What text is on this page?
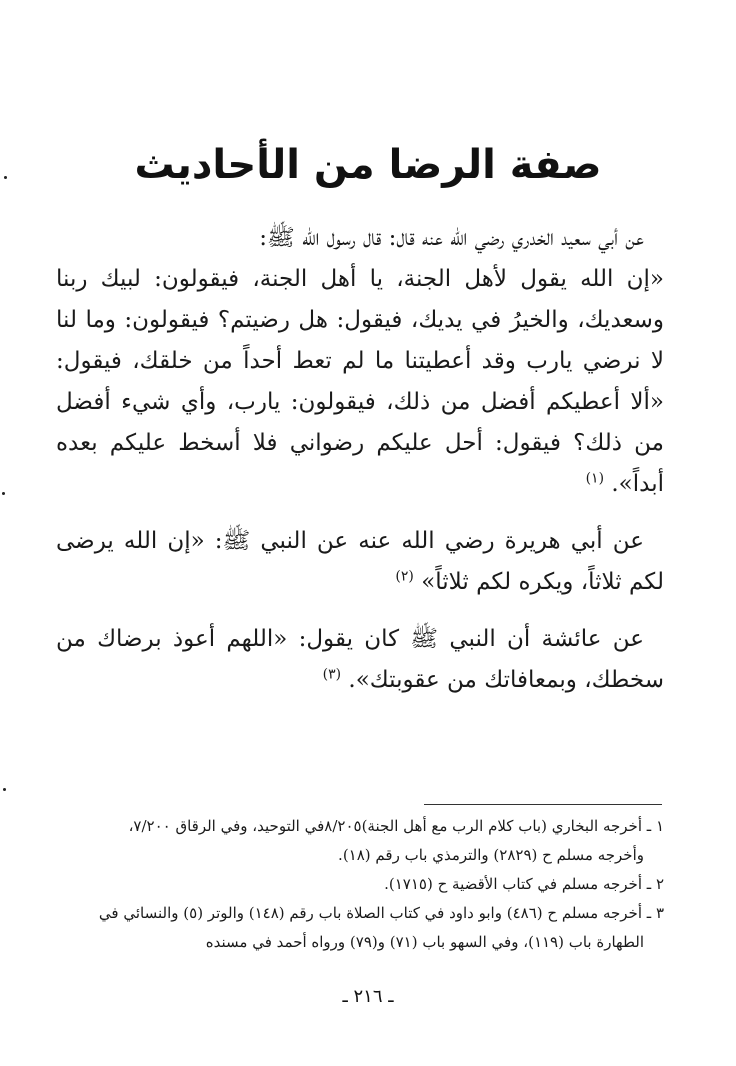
صفة الرضا من الأحاديث

عن أبي سعيد الخدري رضي الله عنه قال: قال رسول الله ﷺ:

«إن الله يقول لأهل الجنة، يا أهل الجنة، فيقولون: لبيك ربنا وسعديك، والخيرُ في يديك، فيقول: هل رضيتم؟ فيقولون: وما لنا لا نرضي يارب وقد أعطيتنا ما لم تعط أحداً من خلقك، فيقول: «ألا أعطيكم أفضل من ذلك، فيقولون: يارب، وأي شيء أفضل من ذلك؟ فيقول: أحل عليكم رضواني فلا أسخط عليكم بعده أبداً». $^{(١)}$

عن أبي هريرة رضي الله عنه عن النبي ﷺ: «إن الله يرضى لكم ثلاثاً، ويكره لكم ثلاثاً» $^{(٢)}$

عن عائشة أن النبي ﷺ كان يقول: «اللهم أعوذ برضاك من سخطك، وبمعافاتك من عقوبتك». $^{(٣)}$

١ ـ أخرجه البخاري (باب كلام الرب مع أهل الجنة)٨/٢٠٥في التوحيد، وفي الرقاق ٧/٢٠٠،

وأخرجه مسلم ح (٢٨٢٩) والترمذي باب رقم (١٨).

٢ ـ أخرجه مسلم في كتاب الأقضية ح (١٧١٥).

٣ ـ أخرجه مسلم ح (٤٨٦) وابو داود في كتاب الصلاة باب رقم (١٤٨) والوتر (٥) والنسائي في

الطهارة باب (١١٩)، وفي السهو باب (٧١) و(٧٩) ورواه أحمد في مسنده

ـ ٢١٦ ـ
